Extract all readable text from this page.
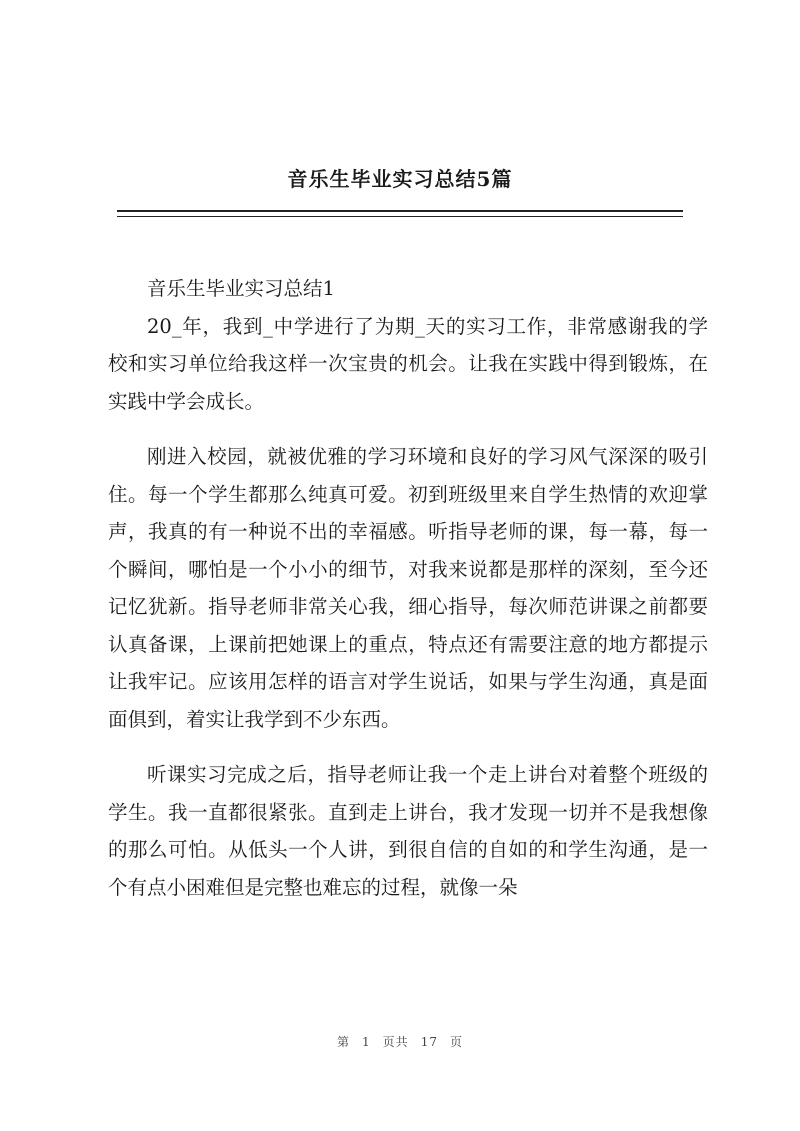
音乐生毕业实习总结5篇

音乐生毕业实习总结1

20_年，我到_中学进行了为期_天的实习工作，非常感谢我的学校和实习单位给我这样一次宝贵的机会。让我在实践中得到锻炼，在实践中学会成长。

刚进入校园，就被优雅的学习环境和良好的学习风气深深的吸引住。每一个学生都那么纯真可爱。初到班级里来自学生热情的欢迎掌声，我真的有一种说不出的幸福感。听指导老师的课，每一幕，每一个瞬间，哪怕是一个小小的细节，对我来说都是那样的深刻，至今还记忆犹新。指导老师非常关心我，细心指导，每次师范讲课之前都要认真备课，上课前把她课上的重点，特点还有需要注意的地方都提示让我牢记。应该用怎样的语言对学生说话，如果与学生沟通，真是面面俱到，着实让我学到不少东西。

听课实习完成之后，指导老师让我一个走上讲台对着整个班级的学生。我一直都很紧张。直到走上讲台，我才发现一切并不是我想像的那么可怕。从低头一个人讲，到很自信的自如的和学生沟通，是一个有点小困难但是完整也难忘的过程，就像一朵

第 1 页共 17 页
